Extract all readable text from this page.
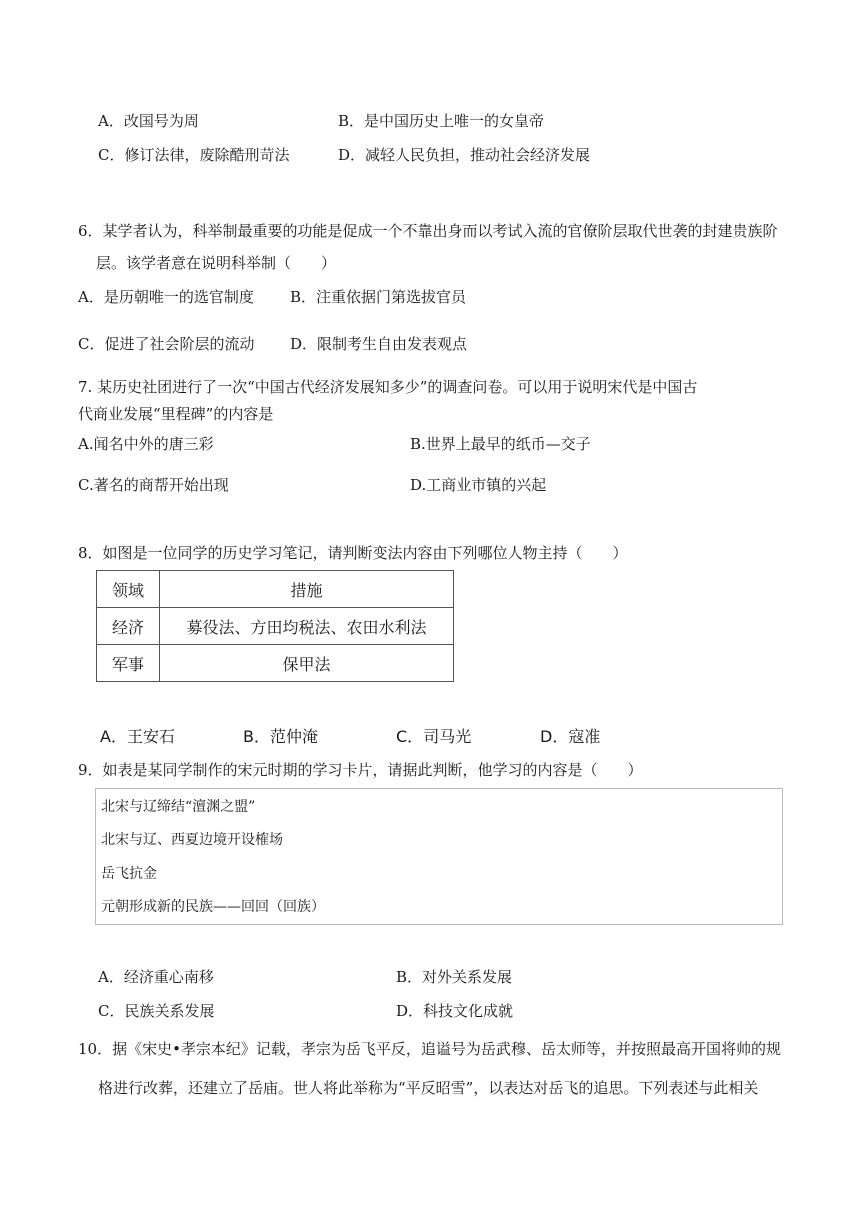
A．改国号为周	B．是中国历史上唯一的女皇帝
C．修订法律，废除酷刑苛法	D．减轻人民负担，推动社会经济发展
6．某学者认为，科举制最重要的功能是促成一个不靠出身而以考试入流的官僚阶层取代世袭的封建贵族阶
层。该学者意在说明科举制（　　）
A．是历朝唯一的选官制度 B．注重依据门第选拔官员
C．促进了社会阶层的流动 D．限制考生自由发表观点
7. 某历史社团进行了一次“中国古代经济发展知多少”的调查问卷。可以用于说明宋代是中国古
代商业发展“里程碑”的内容是
A.闻名中外的唐三彩	B.世界上最早的纸币—交子
C.著名的商帮开始出现	D.工商业市镇的兴起
8．如图是一位同学的历史学习笔记，请判断变法内容由下列哪位人物主持（　　）
领域	措施
经济	募役法、方田均税法、农田水利法
军事	保甲法
A．王安石	B．范仲淹	C．司马光	D．寇准
9．如表是某同学制作的宋元时期的学习卡片，请据此判断，他学习的内容是（　　）
北宋与辽缔结“澶渊之盟”
北宋与辽、西夏边境开设榷场
岳飞抗金
元朝形成新的民族——回回（回族）
A．经济重心南移	B．对外关系发展
C．民族关系发展	D．科技文化成就
10．据《宋史•孝宗本纪》记载，孝宗为岳飞平反，追谥号为岳武穆、岳太师等，并按照最高开国将帅的规
格进行改葬，还建立了岳庙。世人将此举称为“平反昭雪”，以表达对岳飞的追思。下列表述与此相关
